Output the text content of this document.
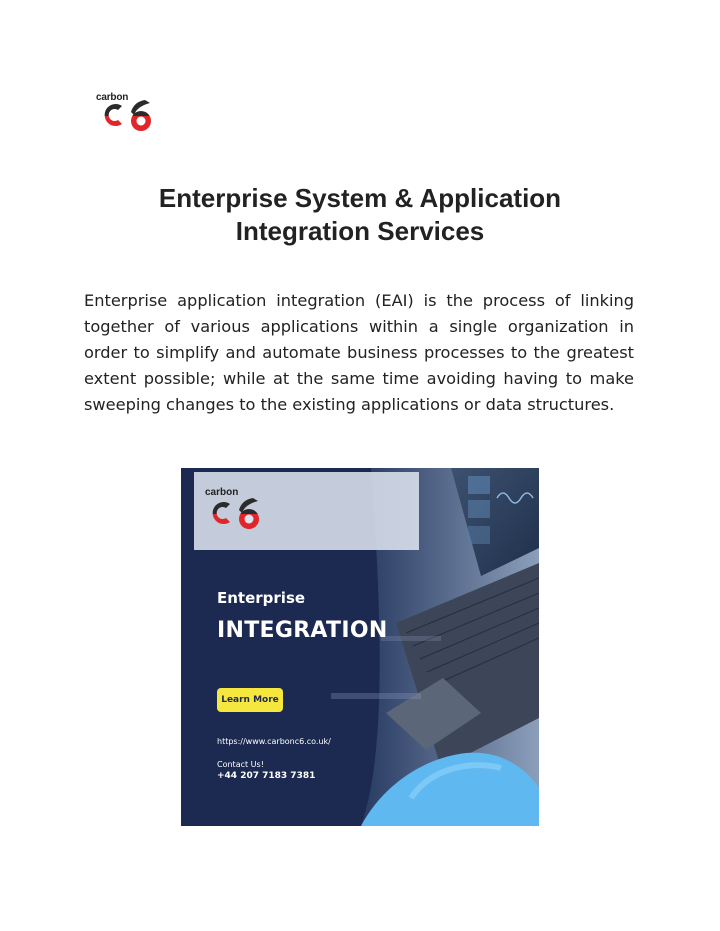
carbon
Enterprise System & Application
Integration Services

Enterprise application integration (EAI) is the process of linking together of various applications within a single organization in order to simplify and automate business processes to the greatest extent possible; while at the same time avoiding having to make sweeping changes to the existing applications or data structures.

carbon
Enterprise
INTEGRATION
Learn More
https://www.carbonc6.co.uk/
Contact Us!
+44 207 7183 7381
